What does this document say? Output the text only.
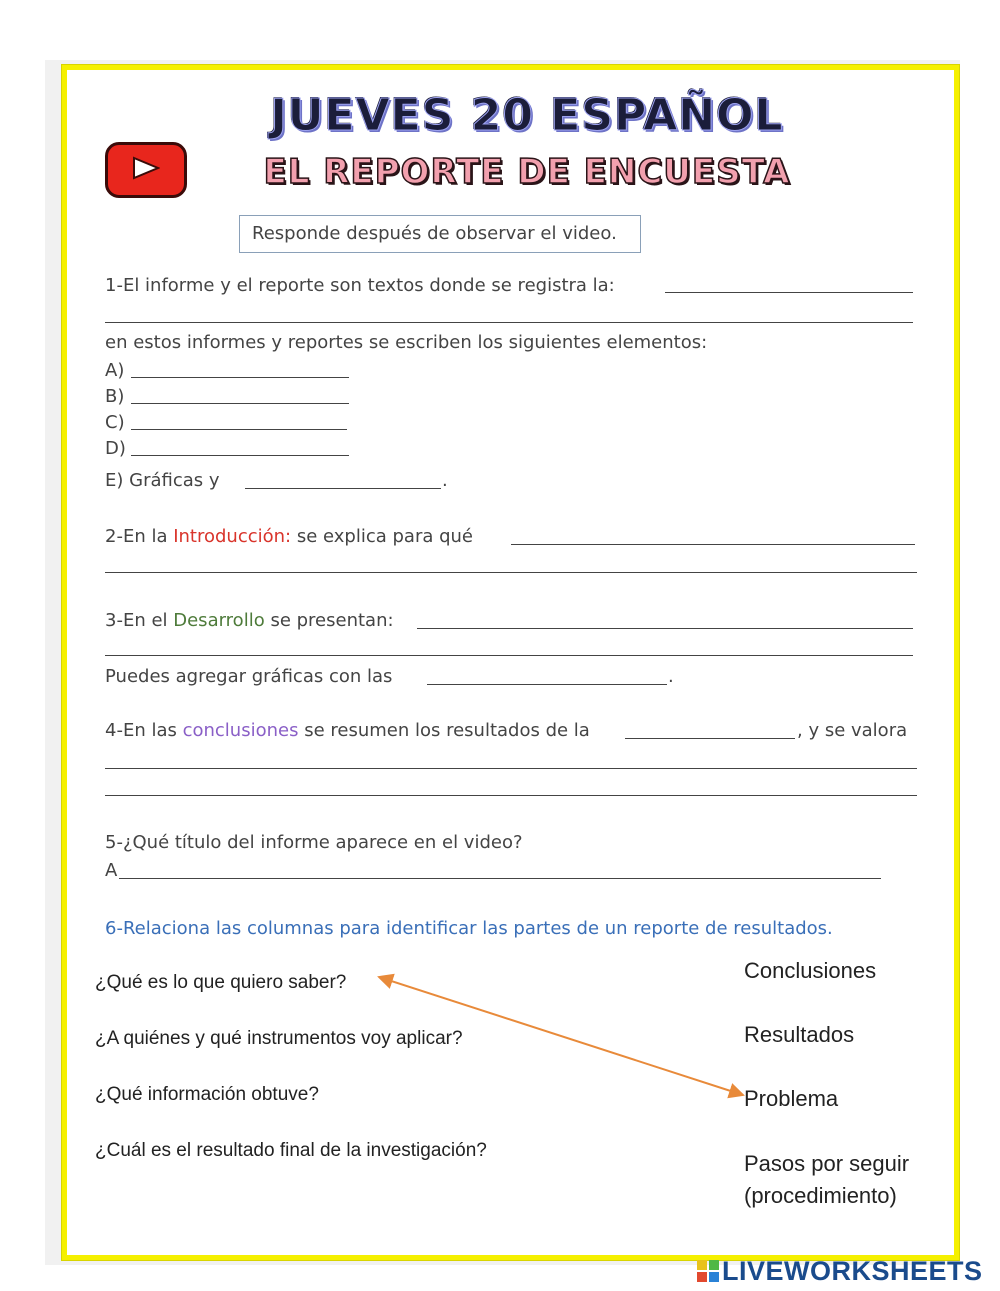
JUEVES 20 ESPAÑOL
EL REPORTE DE ENCUESTA
Responde después de observar el video.
1-El informe y el reporte son textos donde se registra la:
en estos informes y reportes se escriben los siguientes elementos:
A)
B)
C)
D)
E) Gráficas y	.
2-En la Introducción: se explica para qué
3-En el Desarrollo se presentan:
Puedes agregar gráficas con las	.
4-En las conclusiones se resumen los resultados de la	, y se valora
5-¿Qué título del informe aparece en el video?
A
6-Relaciona las columnas para identificar las partes de un reporte de resultados.
¿Qué es lo que quiero saber?
¿A quiénes y qué instrumentos voy aplicar?
¿Qué información obtuve?
¿Cuál es el resultado final de la investigación?
Conclusiones
Resultados
Problema
Pasos por seguir
(procedimiento)
LIVEWORKSHEETS
